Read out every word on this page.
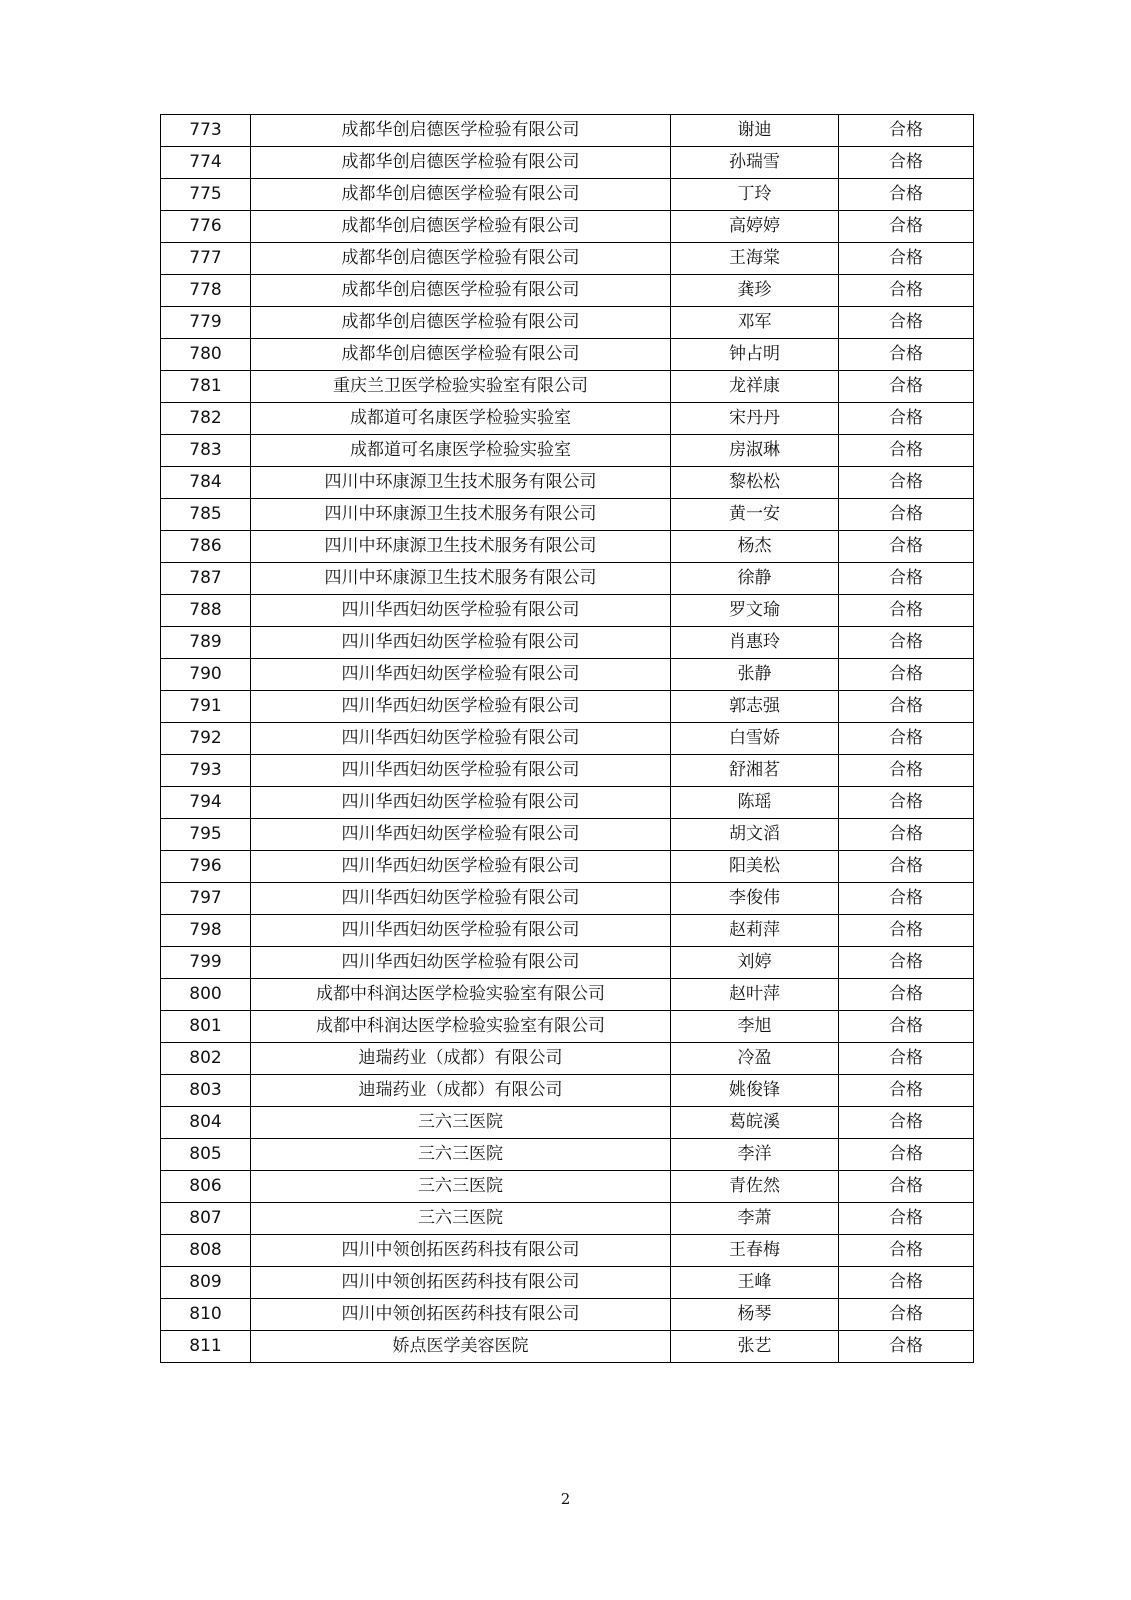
773	成都华创启德医学检验有限公司	谢迪	合格
774	成都华创启德医学检验有限公司	孙瑞雪	合格
775	成都华创启德医学检验有限公司	丁玲	合格
776	成都华创启德医学检验有限公司	高婷婷	合格
777	成都华创启德医学检验有限公司	王海棠	合格
778	成都华创启德医学检验有限公司	龚珍	合格
779	成都华创启德医学检验有限公司	邓军	合格
780	成都华创启德医学检验有限公司	钟占明	合格
781	重庆兰卫医学检验实验室有限公司	龙祥康	合格
782	成都道可名康医学检验实验室	宋丹丹	合格
783	成都道可名康医学检验实验室	房淑琳	合格
784	四川中环康源卫生技术服务有限公司	黎松松	合格
785	四川中环康源卫生技术服务有限公司	黄一安	合格
786	四川中环康源卫生技术服务有限公司	杨杰	合格
787	四川中环康源卫生技术服务有限公司	徐静	合格
788	四川华西妇幼医学检验有限公司	罗文瑜	合格
789	四川华西妇幼医学检验有限公司	肖惠玲	合格
790	四川华西妇幼医学检验有限公司	张静	合格
791	四川华西妇幼医学检验有限公司	郭志强	合格
792	四川华西妇幼医学检验有限公司	白雪娇	合格
793	四川华西妇幼医学检验有限公司	舒湘茗	合格
794	四川华西妇幼医学检验有限公司	陈瑶	合格
795	四川华西妇幼医学检验有限公司	胡文滔	合格
796	四川华西妇幼医学检验有限公司	阳美松	合格
797	四川华西妇幼医学检验有限公司	李俊伟	合格
798	四川华西妇幼医学检验有限公司	赵莉萍	合格
799	四川华西妇幼医学检验有限公司	刘婷	合格
800	成都中科润达医学检验实验室有限公司	赵叶萍	合格
801	成都中科润达医学检验实验室有限公司	李旭	合格
802	迪瑞药业（成都）有限公司	冷盈	合格
803	迪瑞药业（成都）有限公司	姚俊锋	合格
804	三六三医院	葛皖溪	合格
805	三六三医院	李洋	合格
806	三六三医院	青佐然	合格
807	三六三医院	李萧	合格
808	四川中领创拓医药科技有限公司	王春梅	合格
809	四川中领创拓医药科技有限公司	王峰	合格
810	四川中领创拓医药科技有限公司	杨琴	合格
811	娇点医学美容医院	张艺	合格
2
